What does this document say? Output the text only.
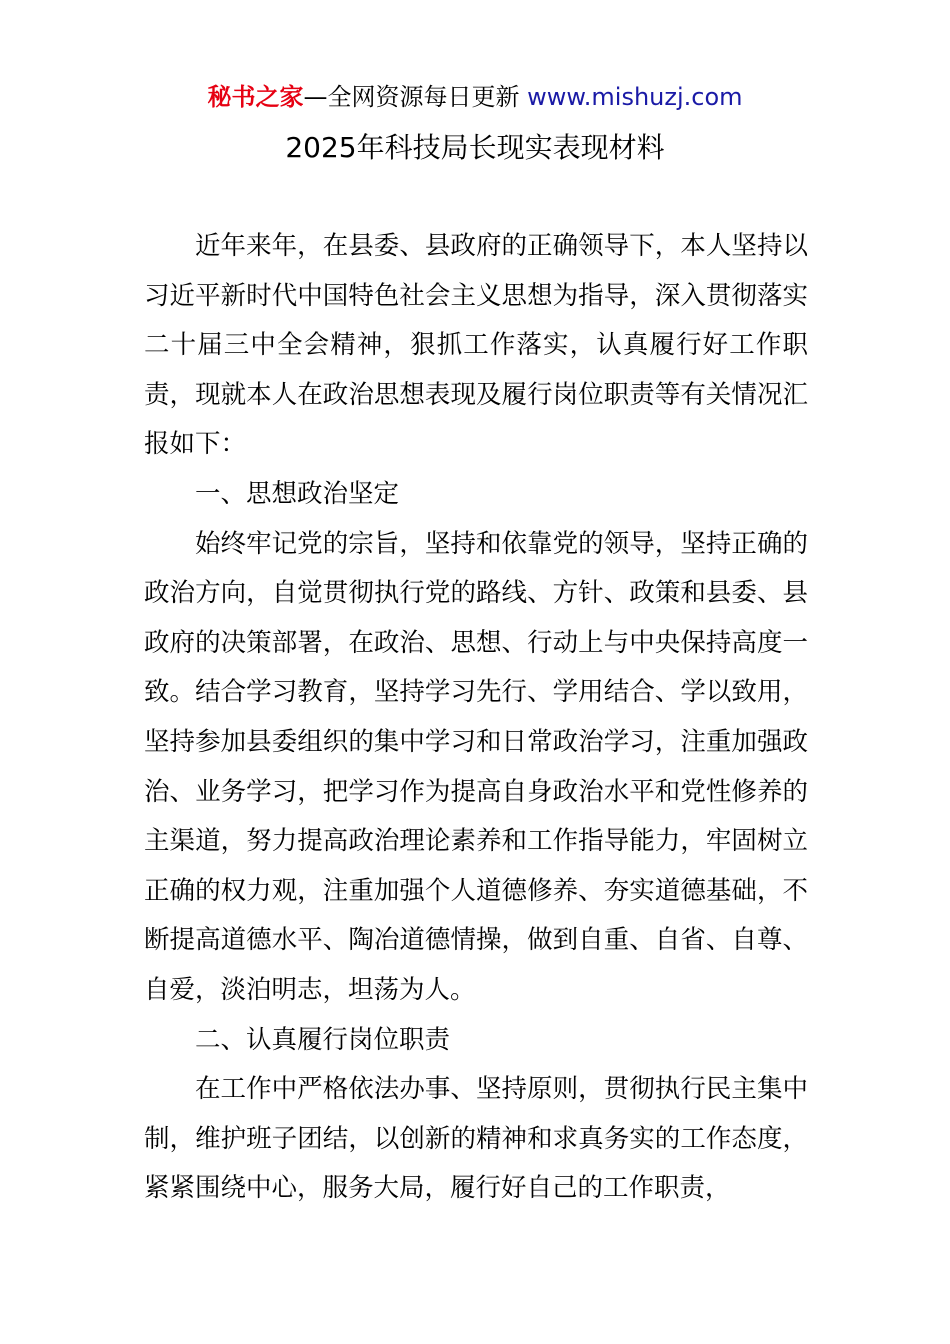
秘书之家—全网资源每日更新 www.mishuzj.com
2025年科技局长现实表现材料

近年来年，在县委、县政府的正确领导下，本人坚持以习近平新时代中国特色社会主义思想为指导，深入贯彻落实二十届三中全会精神，狠抓工作落实，认真履行好工作职责，现就本人在政治思想表现及履行岗位职责等有关情况汇报如下：

一、思想政治坚定

始终牢记党的宗旨，坚持和依靠党的领导，坚持正确的政治方向，自觉贯彻执行党的路线、方针、政策和县委、县政府的决策部署，在政治、思想、行动上与中央保持高度一致。结合学习教育，坚持学习先行、学用结合、学以致用，坚持参加县委组织的集中学习和日常政治学习，注重加强政治、业务学习，把学习作为提高自身政治水平和党性修养的主渠道，努力提高政治理论素养和工作指导能力，牢固树立正确的权力观，注重加强个人道德修养、夯实道德基础，不断提高道德水平、陶冶道德情操，做到自重、自省、自尊、自爱，淡泊明志，坦荡为人。

二、认真履行岗位职责

在工作中严格依法办事、坚持原则，贯彻执行民主集中制，维护班子团结，以创新的精神和求真务实的工作态度，紧紧围绕中心，服务大局，履行好自己的工作职责，
